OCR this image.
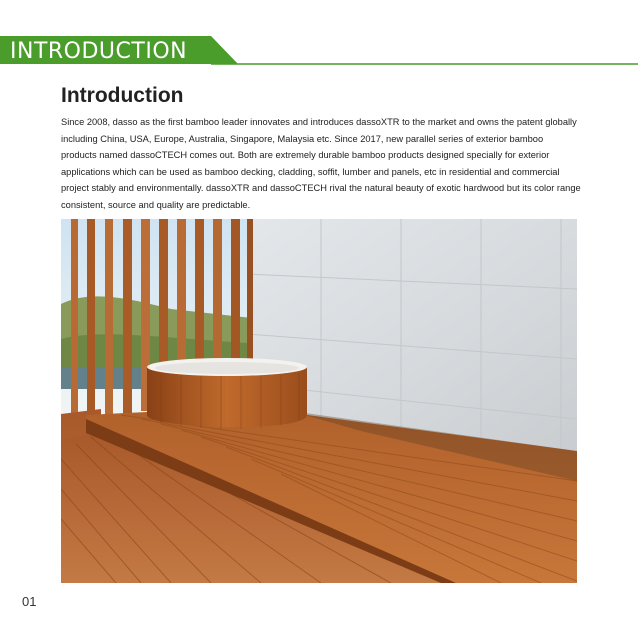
INTRODUCTION
Introduction

Since 2008, dasso as the first bamboo leader innovates and introduces dassoXTR to the market and owns the patent globally including China, USA, Europe, Australia, Singapore, Malaysia etc. Since 2017, new parallel series of exterior bamboo products named dassoCTECH comes out. Both are extremely durable bamboo products designed specially for exterior applications which can be used as bamboo decking, cladding, soffit, lumber and panels, etc in residential and commercial project stably and environmentally. dassoXTR and dassoCTECH rival the natural beauty of exotic hardwood but its color range consistent, source and quality are predictable.

01
